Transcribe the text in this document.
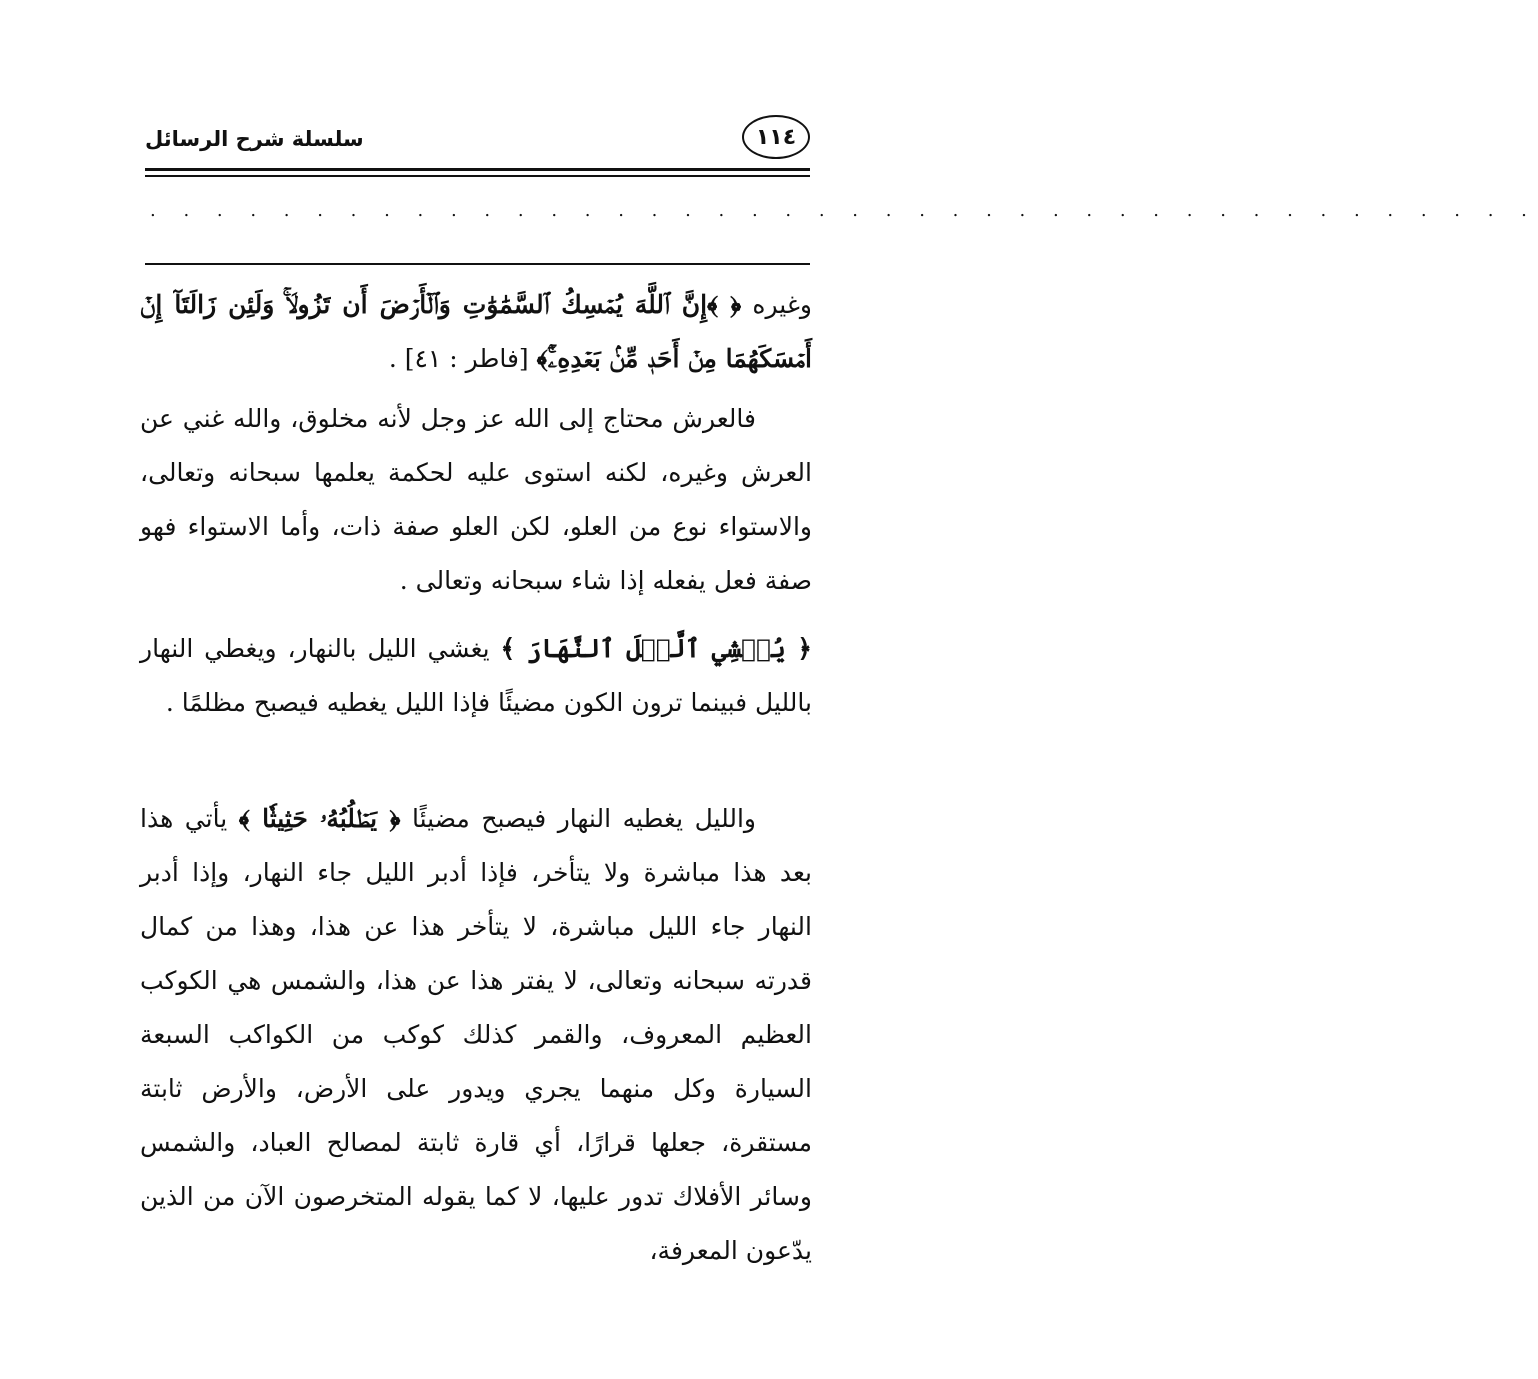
١١٤
سلسلة شرح الرسائل
. . . . . . . . . . . . . . . . . . . . . . . . . . . . . . . . . . . . . . . . . .

وغيره ﴿ ﴾إِنَّ ٱللَّهَ يُمۡسِكُ ٱلسَّمَٰوَٰتِ وَٱلۡأَرۡضَ أَن تَزُولَاۚ وَلَئِن زَالَتَآ إِنۡ أَمۡسَكَهُمَا مِنۡ أَحَدٖ مِّنۢ بَعۡدِهِۦٓۚ﴾ [فاطر : ٤١] .

فالعرش محتاج إلى الله عز وجل لأنه مخلوق، والله غني عن العرش وغيره، لكنه استوى عليه لحكمة يعلمها سبحانه وتعالى، والاستواء نوع من العلو، لكن العلو صفة ذات، وأما الاستواء فهو صفة فعل يفعله إذا شاء سبحانه وتعالى .

﴿ يُغۡشِي ٱلَّيۡلَ ٱلنَّهَارَ ﴾ يغشي الليل بالنهار، ويغطي النهار بالليل فبينما ترون الكون مضيئًا فإذا الليل يغطيه فيصبح مظلمًا .

والليل يغطيه النهار فيصبح مضيئًا ﴿ يَطۡلُبُهُۥ حَثِيثٗا ﴾ يأتي هذا بعد هذا مباشرة ولا يتأخر، فإذا أدبر الليل جاء النهار، وإذا أدبر النهار جاء الليل مباشرة، لا يتأخر هذا عن هذا، وهذا من كمال قدرته سبحانه وتعالى، لا يفتر هذا عن هذا، والشمس هي الكوكب العظيم المعروف، والقمر كذلك كوكب من الكواكب السبعة السيارة وكل منهما يجري ويدور على الأرض، والأرض ثابتة مستقرة، جعلها قرارًا، أي قارة ثابتة لمصالح العباد، والشمس وسائر الأفلاك تدور عليها، لا كما يقوله المتخرصون الآن من الذين يدّعون المعرفة،
